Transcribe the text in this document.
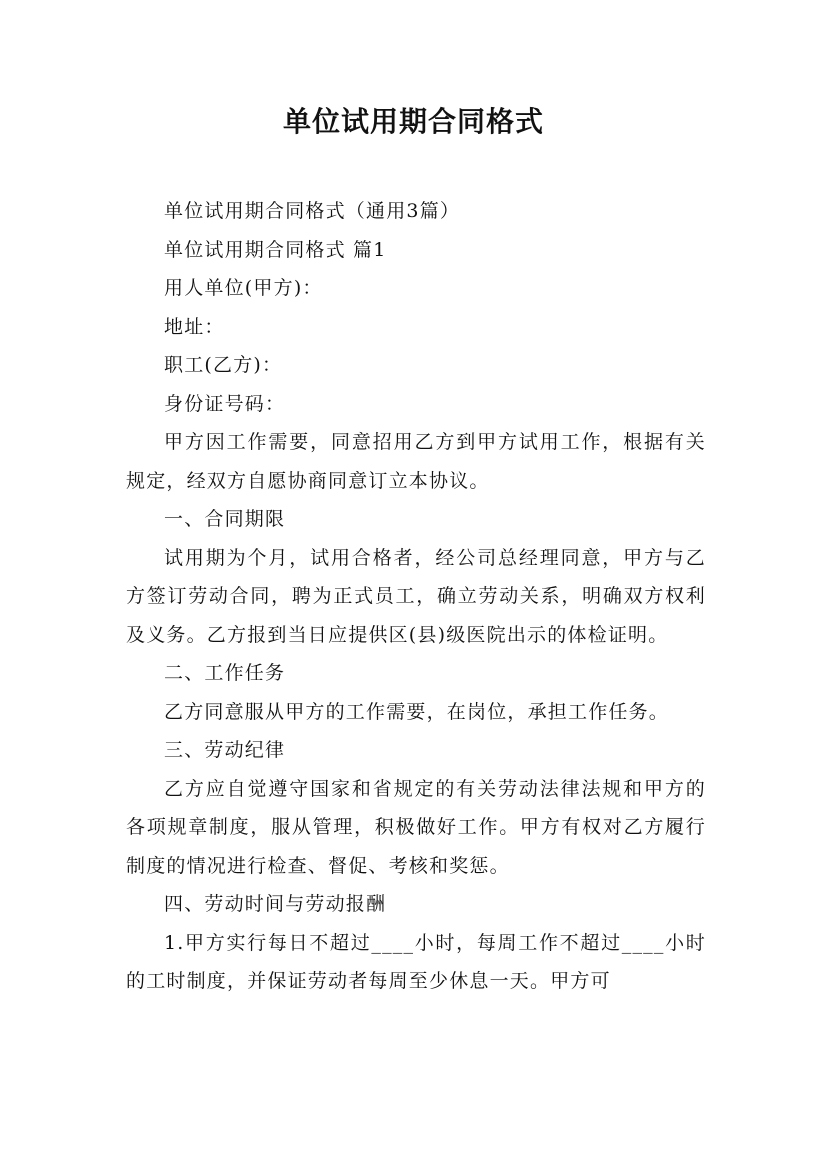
单位试用期合同格式

单位试用期合同格式（通用3篇）

单位试用期合同格式 篇1

用人单位(甲方)：

地址：

职工(乙方)：

身份证号码：

甲方因工作需要，同意招用乙方到甲方试用工作，根据有关规定，经双方自愿协商同意订立本协议。

一、合同期限

试用期为个月，试用合格者，经公司总经理同意，甲方与乙方签订劳动合同，聘为正式员工，确立劳动关系，明确双方权利及义务。乙方报到当日应提供区(县)级医院出示的体检证明。

二、工作任务

乙方同意服从甲方的工作需要，在岗位，承担工作任务。

三、劳动纪律

乙方应自觉遵守国家和省规定的有关劳动法律法规和甲方的各项规章制度，服从管理，积极做好工作。甲方有权对乙方履行制度的情况进行检查、督促、考核和奖惩。

四、劳动时间与劳动报酬

1.甲方实行每日不超过____小时，每周工作不超过____小时的工时制度，并保证劳动者每周至少休息一天。甲方可
